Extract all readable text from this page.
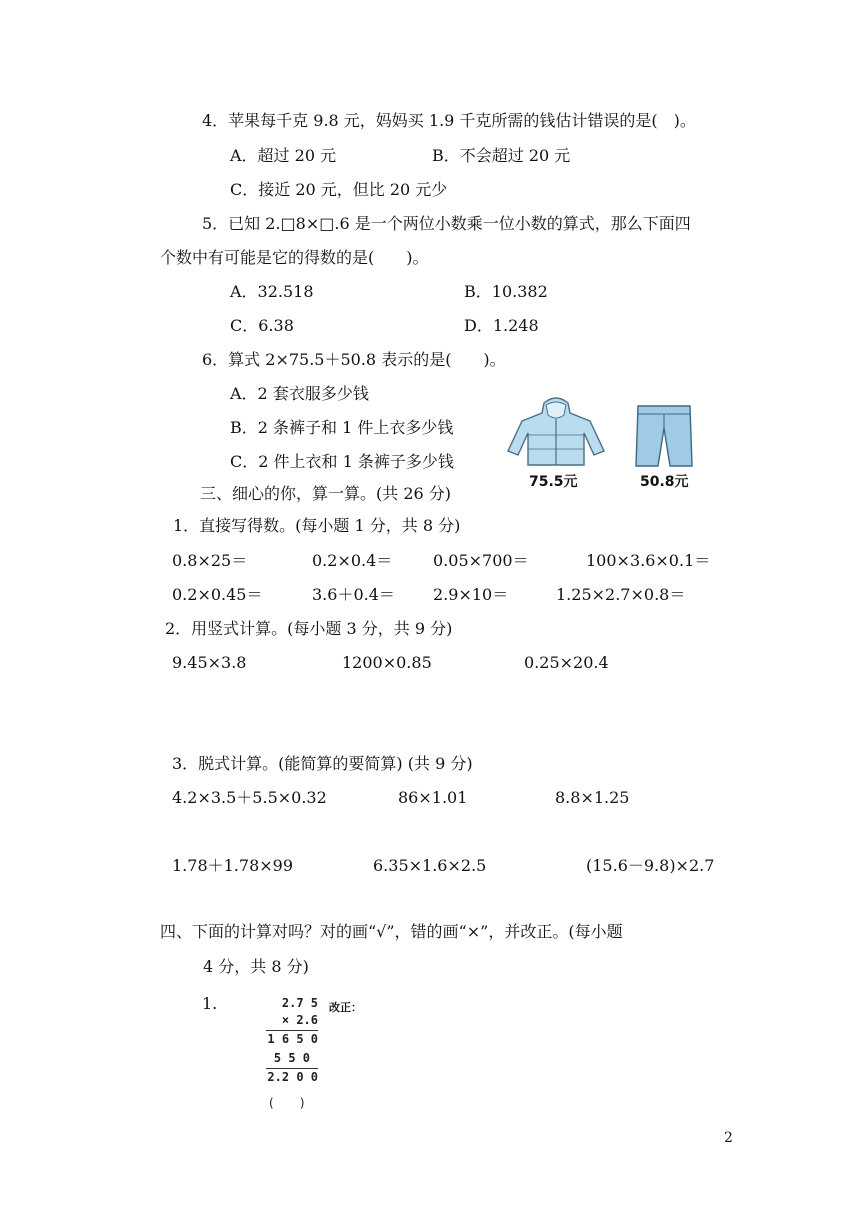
4．苹果每千克 9.8 元，妈妈买 1.9 千克所需的钱估计错误的是(　)。
A．超过 20 元	B．不会超过 20 元
C．接近 20 元，但比 20 元少
5．已知 2.□8×□.6 是一个两位小数乘一位小数的算式，那么下面四
个数中有可能是它的得数的是(　　)。
A．32.518	B．10.382
C．6.38	D．1.248
6．算式 2×75.5＋50.8 表示的是(　　)。
A．2 套衣服多少钱
B．2 条裤子和 1 件上衣多少钱
C．2 件上衣和 1 条裤子多少钱
75.5元	50.8元
三、细心的你，算一算。(共 26 分)
1．直接写得数。(每小题 1 分，共 8 分)
0.8×25＝	0.2×0.4＝	0.05×700＝	100×3.6×0.1＝
0.2×0.45＝	3.6＋0.4＝ 2.9×10＝	1.25×2.7×0.8＝
2．用竖式计算。(每小题 3 分，共 9 分)
9.45×3.8	1200×0.85	0.25×20.4
3．脱式计算。(能简算的要简算) (共 9 分)
4.2×3.5＋5.5×0.32	86×1.01	8.8×1.25
1.78＋1.78×99	6.35×1.6×2.5	(15.6－9.8)×2.7
四、下面的计算对吗？对的画“√”，错的画“×”，并改正。(每小题
4 分，共 8 分)
1.	2.7 5
× 2.6
1 6 5 0
5 5 0
2.2 0 0
(　　)
改正：
2
